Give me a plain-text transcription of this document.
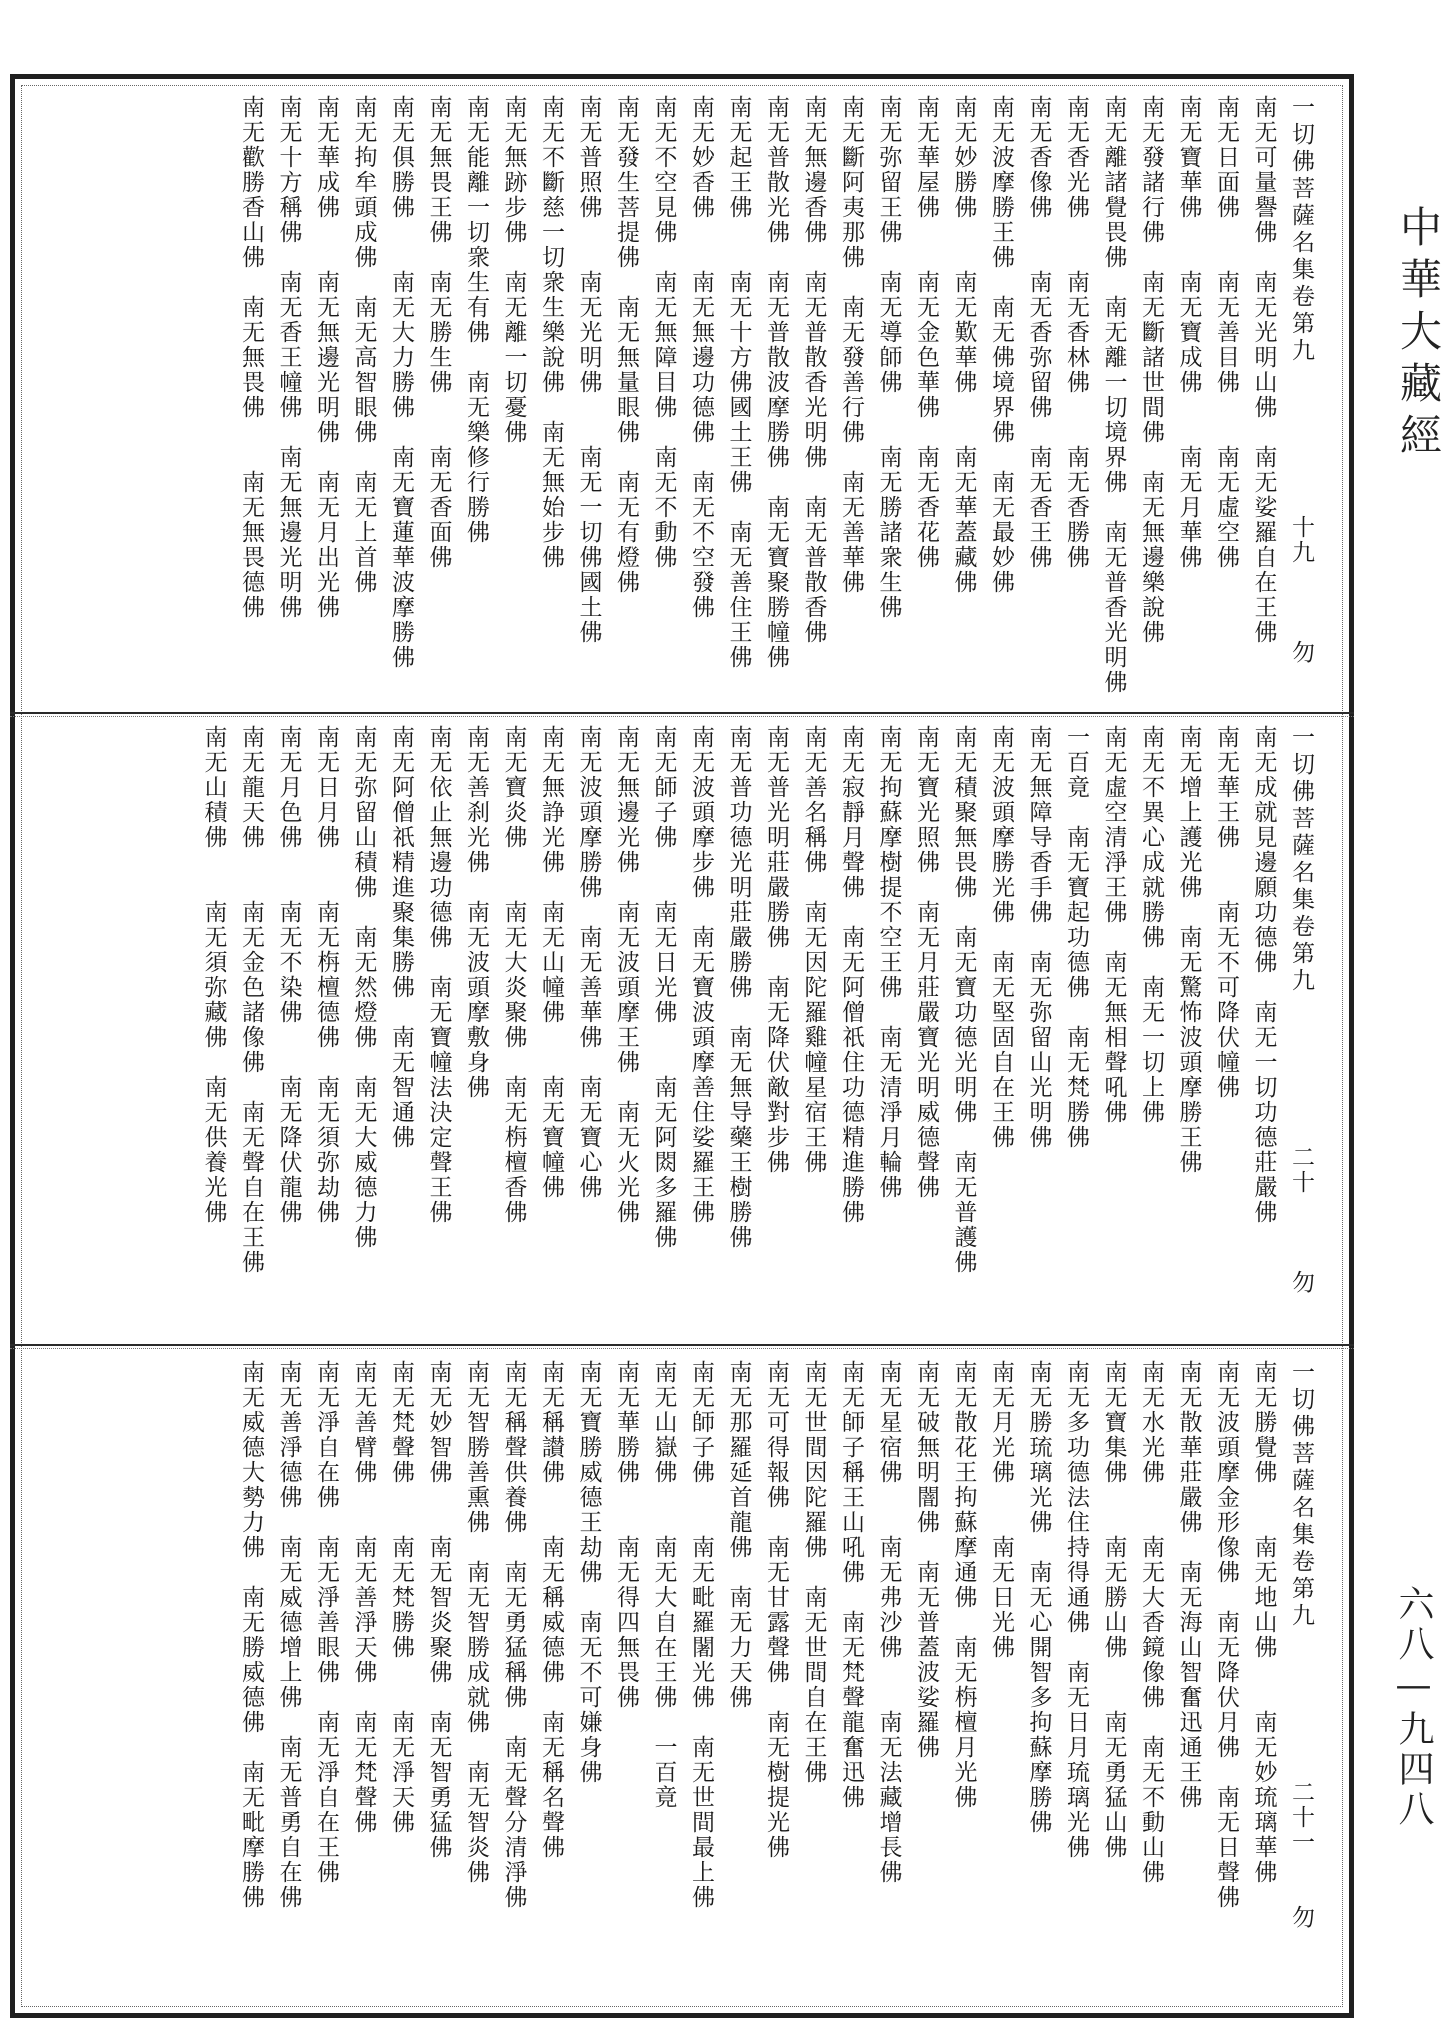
中華大藏經
六八—九四八
一切佛菩薩名集卷第九
十九
勿
南无可量譽佛　南无光明山佛　南无娑羅自在王佛
南无日面佛　　南无善目佛　　南无虛空佛
南无寶華佛　　南无寶成佛　　南无月華佛
南无發諸行佛　南无斷諸世間佛　南无無邊樂說佛
南无離諸覺畏佛　南无離一切境界佛　南无普香光明佛
南无香光佛　　南无香林佛　　南无香勝佛
南无香像佛　　南无香弥留佛　南无香王佛
南无波摩勝王佛　南无佛境界佛　南无最妙佛
南无妙勝佛　　南无歎華佛　　南无華蓋藏佛
南无華屋佛　　南无金色華佛　南无香花佛
南无弥留王佛　南无導師佛　　南无勝諸衆生佛
南无斷阿夷那佛　南无發善行佛　南无善華佛
南无無邊香佛　南无普散香光明佛　南无普散香佛
南无普散光佛　南无普散波摩勝佛　南无寶聚勝幢佛
南无起王佛　　南无十方佛國土王佛　南无善住王佛
南无妙香佛　　南无無邊功德佛　南无不空發佛
南无不空見佛　南无無障目佛　南无不動佛
南无發生菩提佛　南无無量眼佛　南无有燈佛
南无普照佛　　南无光明佛　　南无一切佛國土佛
南无不斷慈一切衆生樂說佛　南无無始步佛
南无無跡步佛　南无離一切憂佛
南无能離一切衆生有佛　南无樂修行勝佛
南无無畏王佛　南无勝生佛　　南无香面佛
南无俱勝佛　　南无大力勝佛　南无寶蓮華波摩勝佛
南无拘牟頭成佛　南无高智眼佛　南无上首佛
南无華成佛　　南无無邊光明佛　南无月出光佛
南无十方稱佛　南无香王幢佛　南无無邊光明佛
南无歡勝香山佛　南无無畏佛　　南无無畏德佛
一切佛菩薩名集卷第九
二十
勿
南无成就見邊願功德佛　南无一切功德莊嚴佛
南无華王佛　　南无不可降伏幢佛
南无增上護光佛　南无驚怖波頭摩勝王佛
南无不異心成就勝佛　南无一切上佛
南无虛空清淨王佛　南无無相聲吼佛
一百竟　南无寶起功德佛　南无梵勝佛
南无無障导香手佛　南无弥留山光明佛
南无波頭摩勝光佛　南无堅固自在王佛
南无積聚無畏佛　南无寶功德光明佛　南无普護佛
南无寶光照佛　南无月莊嚴寶光明威德聲佛
南无拘蘇摩樹提不空王佛　南无清淨月輪佛
南无寂靜月聲佛　南无阿僧祇住功德精進勝佛
南无善名稱佛　南无因陀羅雞幢星宿王佛
南无普光明莊嚴勝佛　南无降伏敵對步佛
南无普功德光明莊嚴勝佛　南无無导藥王樹勝佛
南无波頭摩步佛　南无寶波頭摩善住娑羅王佛
南无師子佛　　南无日光佛　　南无阿閦多羅佛
南无無邊光佛　南无波頭摩王佛　南无火光佛
南无波頭摩勝佛　南无善華佛　南无寶心佛
南无無諍光佛　南无山幢佛　　南无寶幢佛
南无寶炎佛　　南无大炎聚佛　南无栴檀香佛
南无善刹光佛　南无波頭摩敷身佛
南无依止無邊功德佛　南无寶幢法決定聲王佛
南无阿僧祇精進聚集勝佛　南无智通佛
南无弥留山積佛　南无然燈佛　南无大威德力佛
南无日月佛　　南无栴檀德佛　南无須弥劫佛
南无月色佛　　南无不染佛　　南无降伏龍佛
南无龍天佛　　南无金色諸像佛　南无聲自在王佛
南无山積佛　　南无須弥藏佛　南无供養光佛
一切佛菩薩名集卷第九
二十一
勿
南无勝覺佛　　南无地山佛　　南无妙琉璃華佛
南无波頭摩金形像佛　南无降伏月佛　南无日聲佛
南无散華莊嚴佛　南无海山智奮迅通王佛
南无水光佛　　南无大香鏡像佛　南无不動山佛
南无寶集佛　　南无勝山佛　　南无勇猛山佛
南无多功德法住持得通佛　南无日月琉璃光佛
南无勝琉璃光佛　南无心開智多拘蘇摩勝佛
南无月光佛　　南无日光佛
南无散花王拘蘇摩通佛　南无栴檀月光佛
南无破無明闇佛　南无普蓋波娑羅佛
南无星宿佛　　南无弗沙佛　　南无法藏增長佛
南无師子稱王山吼佛　南无梵聲龍奮迅佛
南无世間因陀羅佛　南无世間自在王佛
南无可得報佛　南无甘露聲佛　南无樹提光佛
南无那羅延首龍佛　南无力天佛
南无師子佛　　南无毗羅闍光佛　南无世間最上佛
南无山嶽佛　　南无大自在王佛　一百竟
南无華勝佛　　南无得四無畏佛
南无寶勝威德王劫佛　南无不可嫌身佛
南无稱讃佛　　南无稱威德佛　南无稱名聲佛
南无稱聲供養佛　南无勇猛稱佛　南无聲分清淨佛
南无智勝善熏佛　南无智勝成就佛　南无智炎佛
南无妙智佛　　南无智炎聚佛　南无智勇猛佛
南无梵聲佛　　南无梵勝佛　　南无淨天佛
南无善臂佛　　南无善淨天佛　南无梵聲佛
南无淨自在佛　南无淨善眼佛　南无淨自在王佛
南无善淨德佛　南无威德增上佛　南无普勇自在佛
南无威德大勢力佛　南无勝威德佛　南无毗摩勝佛
